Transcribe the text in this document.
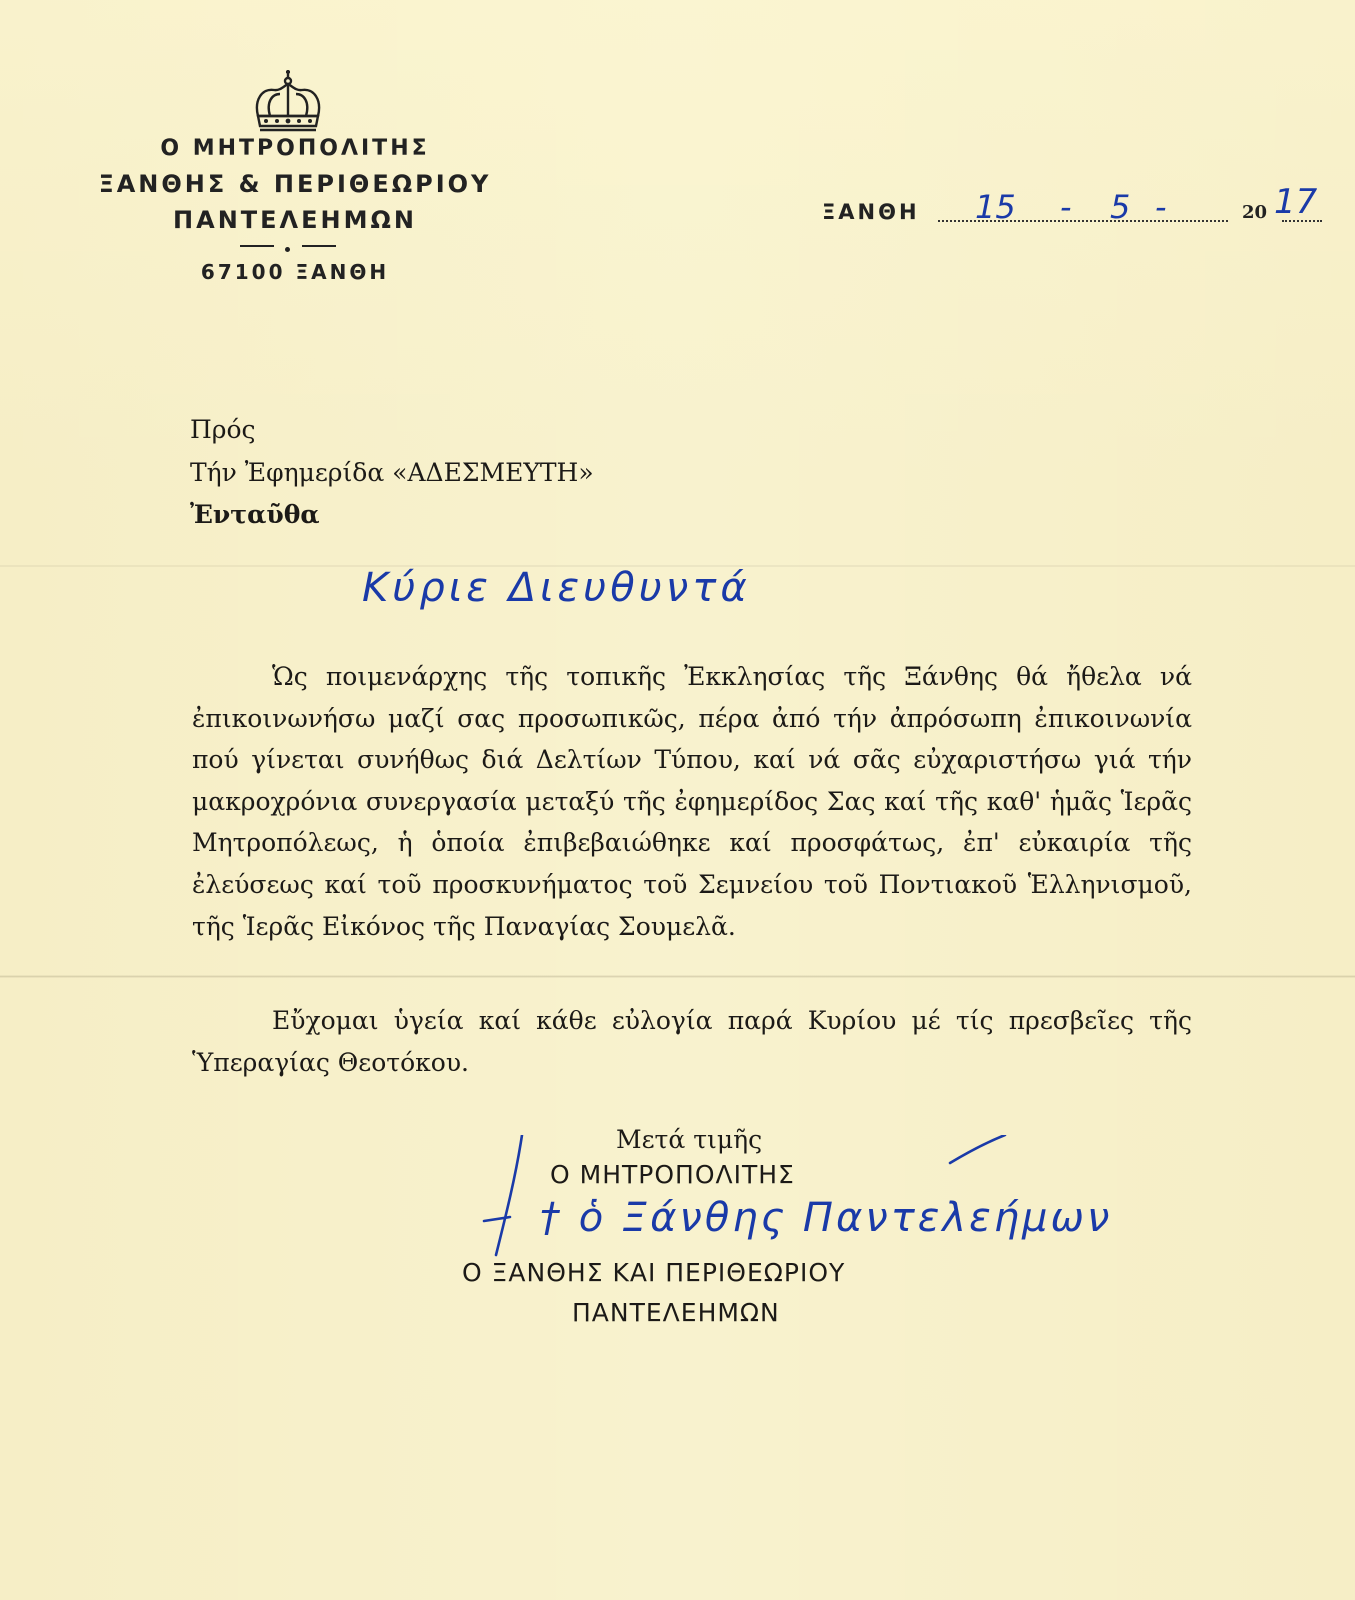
Ο ΜΗΤΡΟΠΟΛΙΤΗΣ
ΞΑΝΘΗΣ & ΠΕΡΙΘΕΩΡΙΟΥ
ΠΑΝΤΕΛΕΗΜΩΝ
67100 ΞΑΝΘΗ
ΞΑΝΘΗ	20
15 - 5 -	17
Πρός
Τήν Ἐφημερίδα «ΑΔΕΣΜΕΥΤΗ»
Ἐνταῦθα
Κύριε Διευθυντά
Ὡς ποιμενάρχης τῆς τοπικῆς Ἐκκλησίας τῆς Ξάνθης θά ἤθελα νά ἐπικοινωνήσω μαζί σας προσωπικῶς, πέρα ἀπό τήν ἀπρόσωπη ἐπικοινωνία πού γίνεται συνήθως διά Δελτίων Τύπου, καί νά σᾶς εὐχαριστήσω γιά τήν μακροχρόνια συνεργασία μεταξύ τῆς ἐφημερίδος Σας καί τῆς καθ' ἡμᾶς Ἱερᾶς Μητροπόλεως, ἡ ὁποία ἐπιβεβαιώθηκε καί προσφάτως, ἐπ' εὐκαιρία τῆς ἐλεύσεως καί τοῦ προσκυνήματος τοῦ Σεμνείου τοῦ Ποντιακοῦ Ἑλληνισμοῦ, τῆς Ἱερᾶς Εἰκόνος τῆς Παναγίας Σουμελᾶ.
Εὔχομαι ὑγεία καί κάθε εὐλογία παρά Κυρίου μέ τίς πρεσβεῖες τῆς Ὑπεραγίας Θεοτόκου.
Μετά τιμῆς
Ο ΜΗΤΡΟΠΟΛΙΤΗΣ
† ὁ Ξάνθης Παντελεήμων
Ο ΞΑΝΘΗΣ ΚΑΙ ΠΕΡΙΘΕΩΡΙΟΥ
ΠΑΝΤΕΛΕΗΜΩΝ
